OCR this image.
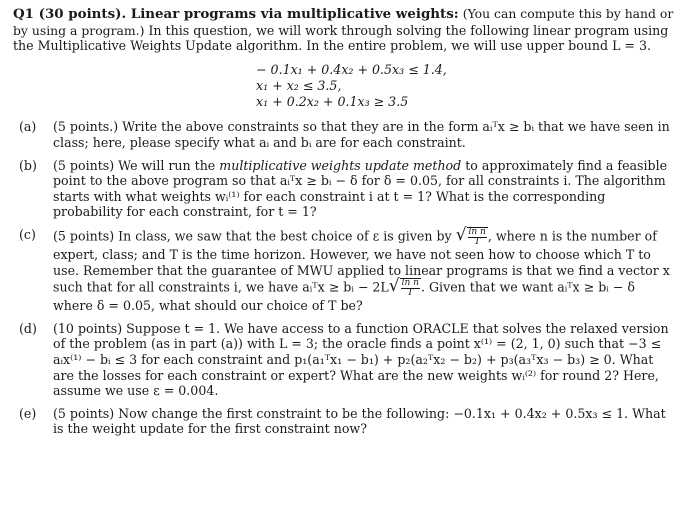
Q1 (30 points). Linear programs via multiplicative weights: (You can compute this by hand or by using a program.) In this question, we will work through solving the following linear program using the Multiplicative Weights Update algorithm. In the entire problem, we will use upper bound L = 3.

− 0.1x₁ + 0.4x₂ + 0.5x₃ ≤ 1.4,
x₁ + x₂ ≤ 3.5,
x₁ + 0.2x₂ + 0.1x₃ ≥ 3.5
(a)	(5 points.) Write the above constraints so that they are in the form aᵢᵀx ≥ bᵢ that we have seen in class; here, please specify what aᵢ and bᵢ are for each constraint.

(b)	(5 points) We will run the multiplicative weights update method to approximately find a feasible point to the above program so that aᵢᵀx ≥ bᵢ − δ for δ = 0.05, for all constraints i. The algorithm starts with what weights wᵢ⁽¹⁾ for each constraint i at t = 1? What is the corresponding probability for each constraint, for t = 1?

(c)	(5 points) In class, we saw that the best choice of ε is given by √ $\frac{\text{ln n}}{T}$ , where n is the number of expert, class; and T is the time horizon. However, we have not seen how to choose which T to use. Remember that the guarantee of MWU applied to linear programs is that we find a vector x such that for all constraints i, we have aᵢᵀx ≥ bᵢ − 2L √ $\frac{\text{ln n}}{T}$ . Given that we want aᵢᵀx ≥ bᵢ − δ where δ = 0.05, what should our choice of T be?

(d)	(10 points) Suppose t = 1. We have access to a function ORACLE that solves the relaxed version of the problem (as in part (a)) with L = 3; the oracle finds a point x⁽¹⁾ = (2, 1, 0) such that −3 ≤ aᵢx⁽¹⁾ − bᵢ ≤ 3 for each constraint and p₁(a₁ᵀx₁ − b₁) + p₂(a₂ᵀx₂ − b₂) + p₃(a₃ᵀx₃ − b₃) ≥ 0. What are the losses for each constraint or expert? What are the new weights wᵢ⁽²⁾ for round 2? Here, assume we use ε = 0.004.

(e)	(5 points) Now change the first constraint to be the following: −0.1x₁ + 0.4x₂ + 0.5x₃ ≤ 1. What is the weight update for the first constraint now?
